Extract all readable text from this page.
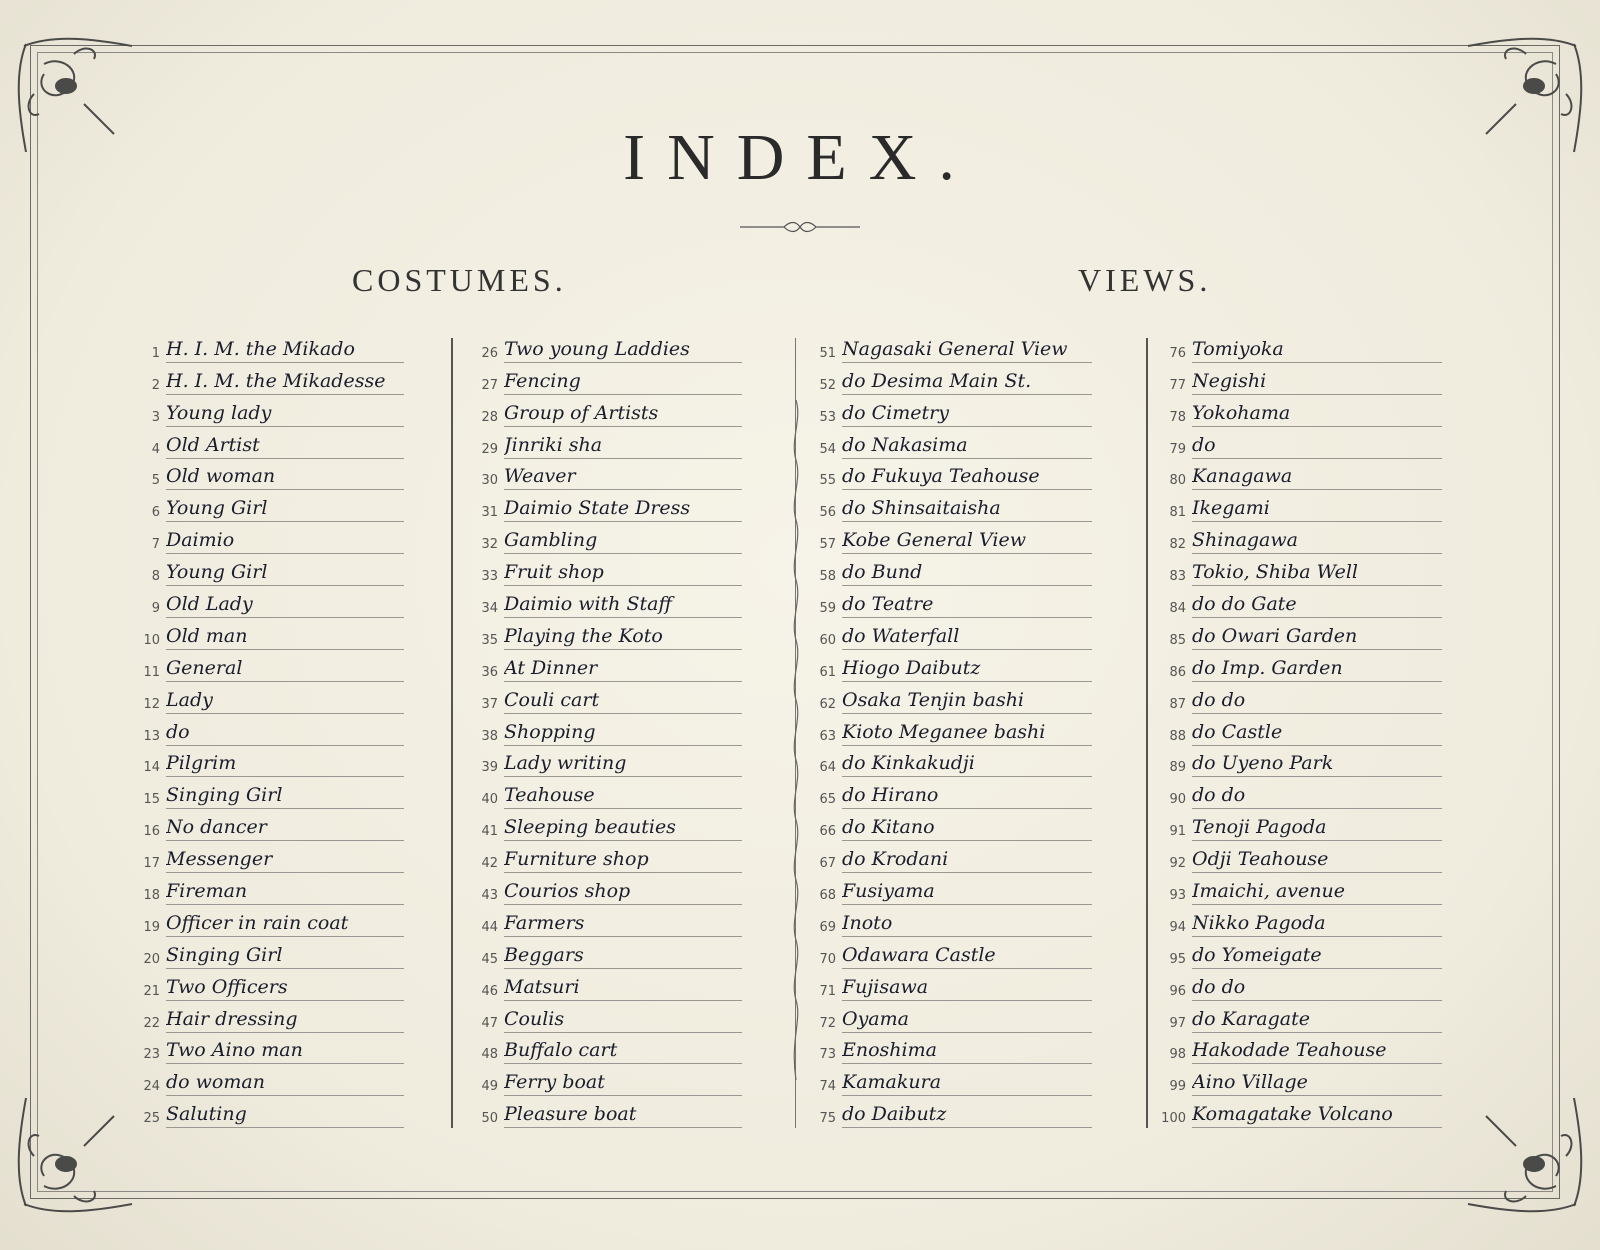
INDEX.
COSTUMES.	VIEWS.
1 H. I. M. the Mikado
2 H. I. M. the Mikadesse
3 Young lady
4 Old Artist
5 Old woman
6 Young Girl
7 Daimio
8 Young Girl
9 Old Lady
10 Old man
11 General
12 Lady
13 do
14 Pilgrim
15 Singing Girl
16 No dancer
17 Messenger
18 Fireman
19 Officer in rain coat
20 Singing Girl
21 Two Officers
22 Hair dressing
23 Two Aino man
24 do woman
25 Saluting
26 Two young Laddies
27 Fencing
28 Group of Artists
29 Jinriki sha
30 Weaver
31 Daimio State Dress
32 Gambling
33 Fruit shop
34 Daimio with Staff
35 Playing the Koto
36 At Dinner
37 Couli cart
38 Shopping
39 Lady writing
40 Teahouse
41 Sleeping beauties
42 Furniture shop
43 Courios shop
44 Farmers
45 Beggars
46 Matsuri
47 Coulis
48 Buffalo cart
49 Ferry boat
50 Pleasure boat
51 Nagasaki General View
52 do Desima Main St.
53 do Cimetry
54 do Nakasima
55 do Fukuya Teahouse
56 do Shinsaitaisha
57 Kobe General View
58 do Bund
59 do Teatre
60 do Waterfall
61 Hiogo Daibutz
62 Osaka Tenjin bashi
63 Kioto Meganee bashi
64 do Kinkakudji
65 do Hirano
66 do Kitano
67 do Krodani
68 Fusiyama
69 Inoto
70 Odawara Castle
71 Fujisawa
72 Oyama
73 Enoshima
74 Kamakura
75 do Daibutz
76 Tomiyoka
77 Negishi
78 Yokohama
79 do
80 Kanagawa
81 Ikegami
82 Shinagawa
83 Tokio, Shiba Well
84 do do Gate
85 do Owari Garden
86 do Imp. Garden
87 do do
88 do Castle
89 do Uyeno Park
90 do do
91 Tenoji Pagoda
92 Odji Teahouse
93 Imaichi, avenue
94 Nikko Pagoda
95 do Yomeigate
96 do do
97 do Karagate
98 Hakodade Teahouse
99 Aino Village
100 Komagatake Volcano
